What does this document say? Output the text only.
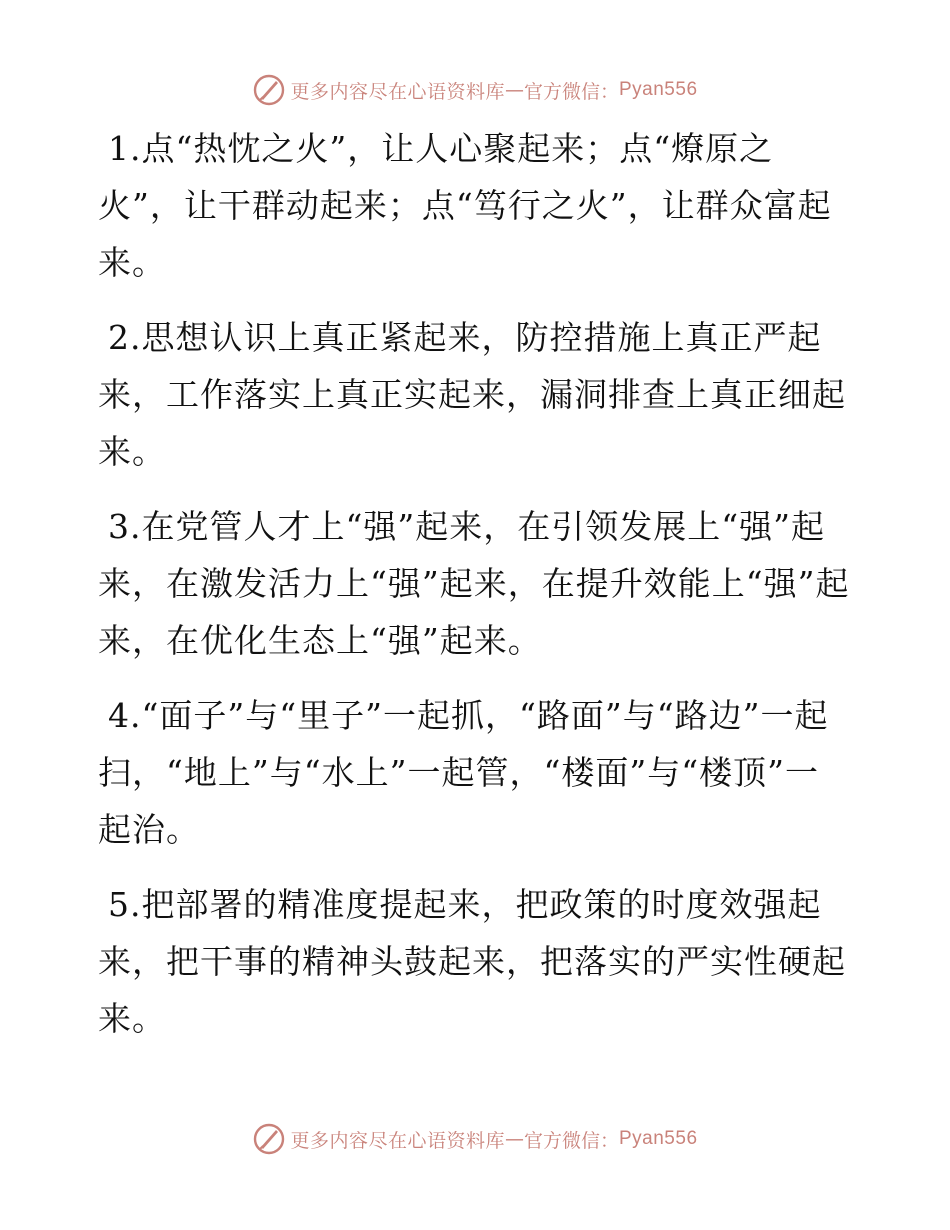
更多内容尽在心语资料库 — 官方微信： Pyan556

1.点“热忱之火”，让人心聚起来；点“燎原之火”，让干群动起来；点“笃行之火”，让群众富起来。

2.思想认识上真正紧起来，防控措施上真正严起来，工作落实上真正实起来，漏洞排查上真正细起来。

3.在党管人才上“强”起来，在引领发展上“强”起来，在激发活力上“强”起来，在提升效能上“强”起来，在优化生态上“强”起来。

4.“面子”与“里子”一起抓，“路面”与“路边”一起扫，“地上”与“水上”一起管，“楼面”与“楼顶”一起治。

5.把部署的精准度提起来，把政策的时度效强起来，把干事的精神头鼓起来，把落实的严实性硬起来。

更多内容尽在心语资料库 — 官方微信： Pyan556
